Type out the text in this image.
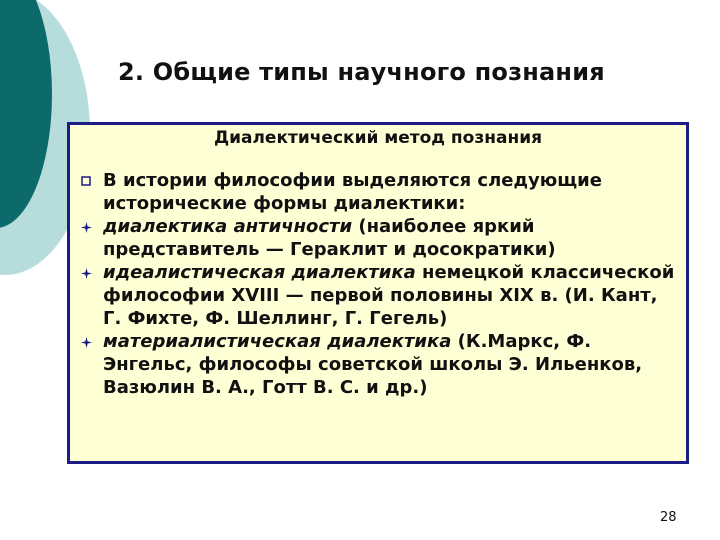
2. Общие типы научного познания
Диалектический метод познания
В истории философии выделяются следующие исторические формы диалектики:
диалектика античности (наиболее яркий представитель — Гераклит и досократики)
идеалистическая диалектика немецкой классической философии XVIII — первой половины XIX в. (И. Кант, Г. Фихте, Ф. Шеллинг, Г. Гегель)
материалистическая диалектика (К.Маркс, Ф. Энгельс, философы советской школы Э. Ильенков, Вазюлин В. А., Готт В. С. и др.)
28
